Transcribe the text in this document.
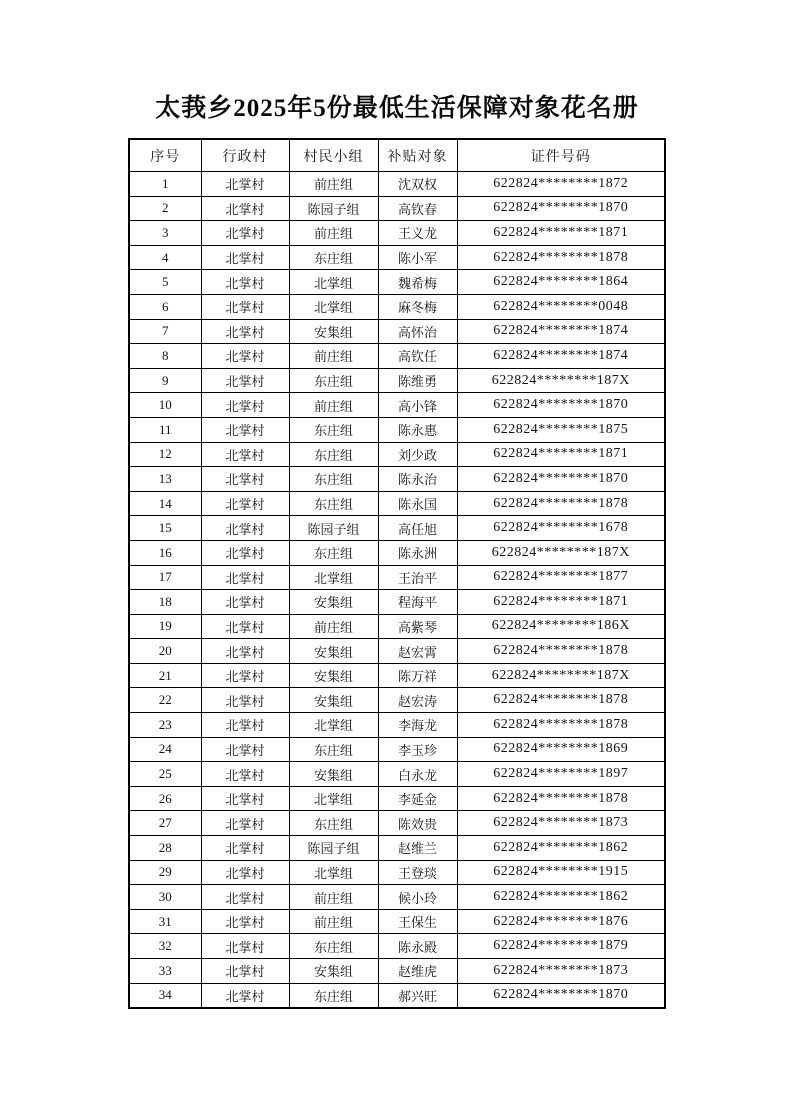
太莪乡2025年5份最低生活保障对象花名册
序号	行政村	村民小组	补贴对象	证件号码
1	北掌村	前庄组	沈双权	622824********1872
2	北掌村	陈园子组	高钦春	622824********1870
3	北掌村	前庄组	王义龙	622824********1871
4	北掌村	东庄组	陈小军	622824********1878
5	北掌村	北掌组	魏希梅	622824********1864
6	北掌村	北掌组	麻冬梅	622824********0048
7	北掌村	安集组	高怀治	622824********1874
8	北掌村	前庄组	高钦任	622824********1874
9	北掌村	东庄组	陈维勇	622824********187X
10	北掌村	前庄组	高小锋	622824********1870
11	北掌村	东庄组	陈永惠	622824********1875
12	北掌村	东庄组	刘少政	622824********1871
13	北掌村	东庄组	陈永治	622824********1870
14	北掌村	东庄组	陈永国	622824********1878
15	北掌村	陈园子组	高任旭	622824********1678
16	北掌村	东庄组	陈永洲	622824********187X
17	北掌村	北掌组	王治平	622824********1877
18	北掌村	安集组	程海平	622824********1871
19	北掌村	前庄组	高紫琴	622824********186X
20	北掌村	安集组	赵宏霄	622824********1878
21	北掌村	安集组	陈万祥	622824********187X
22	北掌村	安集组	赵宏涛	622824********1878
23	北掌村	北掌组	李海龙	622824********1878
24	北掌村	东庄组	李玉珍	622824********1869
25	北掌村	安集组	白永龙	622824********1897
26	北掌村	北掌组	李延金	622824********1878
27	北掌村	东庄组	陈效贵	622824********1873
28	北掌村	陈园子组	赵维兰	622824********1862
29	北掌村	北掌组	王登琰	622824********1915
30	北掌村	前庄组	候小玲	622824********1862
31	北掌村	前庄组	王保生	622824********1876
32	北掌村	东庄组	陈永殿	622824********1879
33	北掌村	安集组	赵维虎	622824********1873
34	北掌村	东庄组	郝兴旺	622824********1870
